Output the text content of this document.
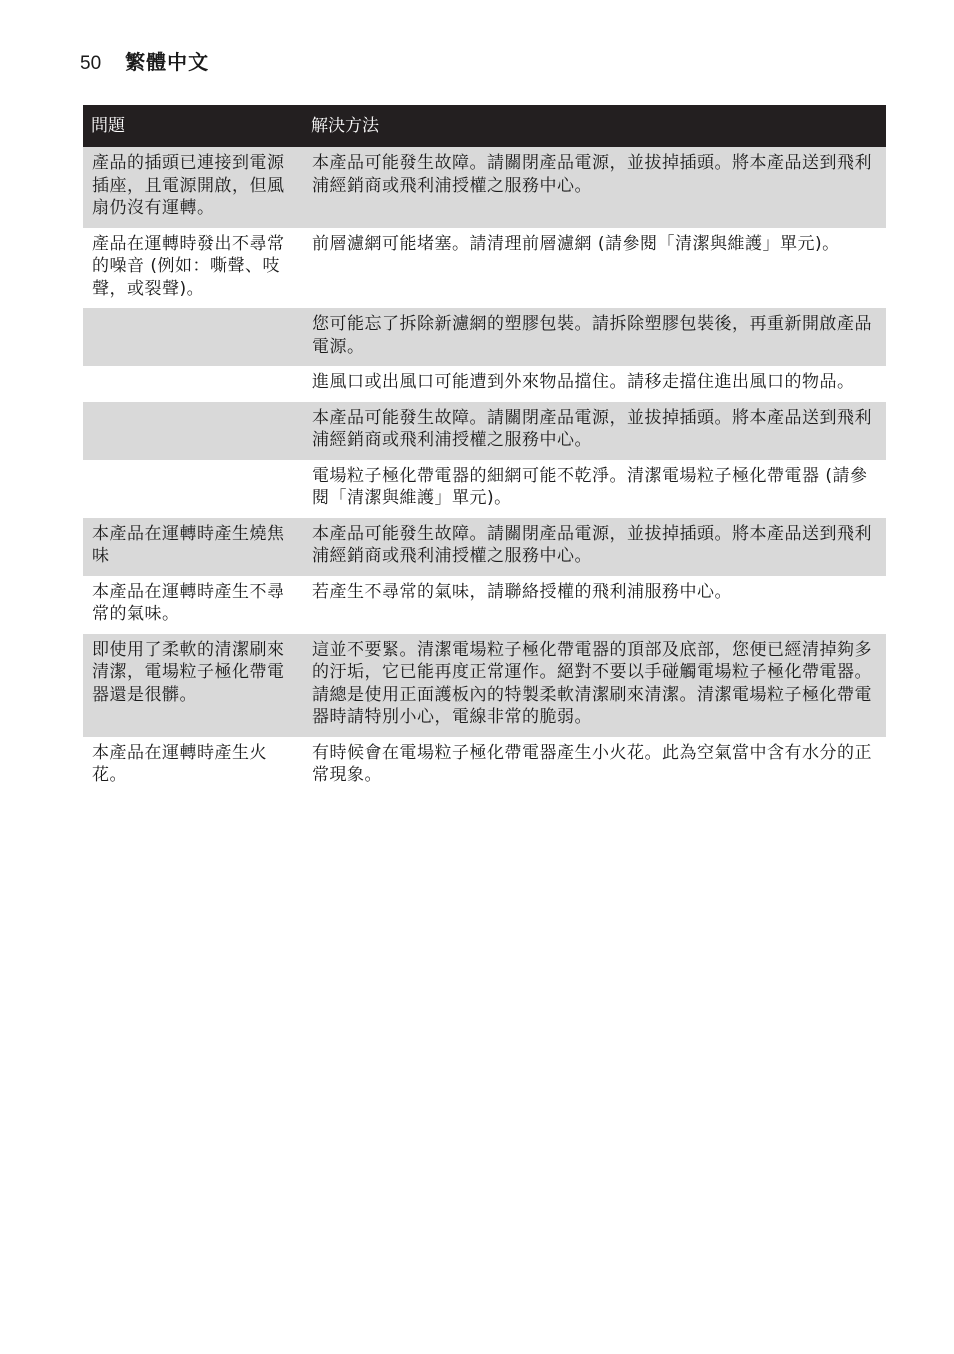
50 繁體中文
問題	解決方法
產品的插頭已連接到電源插座，且電源開啟，但風扇仍沒有運轉。	本產品可能發生故障。請關閉產品電源，並拔掉插頭。將本產品送到飛利浦經銷商或飛利浦授權之服務中心。
產品在運轉時發出不尋常的噪音 (例如：嘶聲、吱聲，或裂聲)。	前層濾網可能堵塞。請清理前層濾網 (請參閱「清潔與維護」單元)。
	您可能忘了拆除新濾網的塑膠包裝。請拆除塑膠包裝後，再重新開啟產品電源。
	進風口或出風口可能遭到外來物品擋住。請移走擋住進出風口的物品。
	本產品可能發生故障。請關閉產品電源，並拔掉插頭。將本產品送到飛利浦經銷商或飛利浦授權之服務中心。
	電場粒子極化帶電器的細網可能不乾淨。清潔電場粒子極化帶電器 (請參閱「清潔與維護」單元)。
本產品在運轉時產生燒焦味	本產品可能發生故障。請關閉產品電源，並拔掉插頭。將本產品送到飛利浦經銷商或飛利浦授權之服務中心。
本產品在運轉時產生不尋常的氣味。	若產生不尋常的氣味，請聯絡授權的飛利浦服務中心。
即使用了柔軟的清潔刷來清潔，電場粒子極化帶電器還是很髒。	這並不要緊。清潔電場粒子極化帶電器的頂部及底部，您便已經清掉夠多的汙垢，它已能再度正常運作。絕對不要以手碰觸電場粒子極化帶電器。請總是使用正面護板內的特製柔軟清潔刷來清潔。清潔電場粒子極化帶電器時請特別小心，電線非常的脆弱。
本產品在運轉時產生火花。	有時候會在電場粒子極化帶電器產生小火花。此為空氣當中含有水分的正常現象。
